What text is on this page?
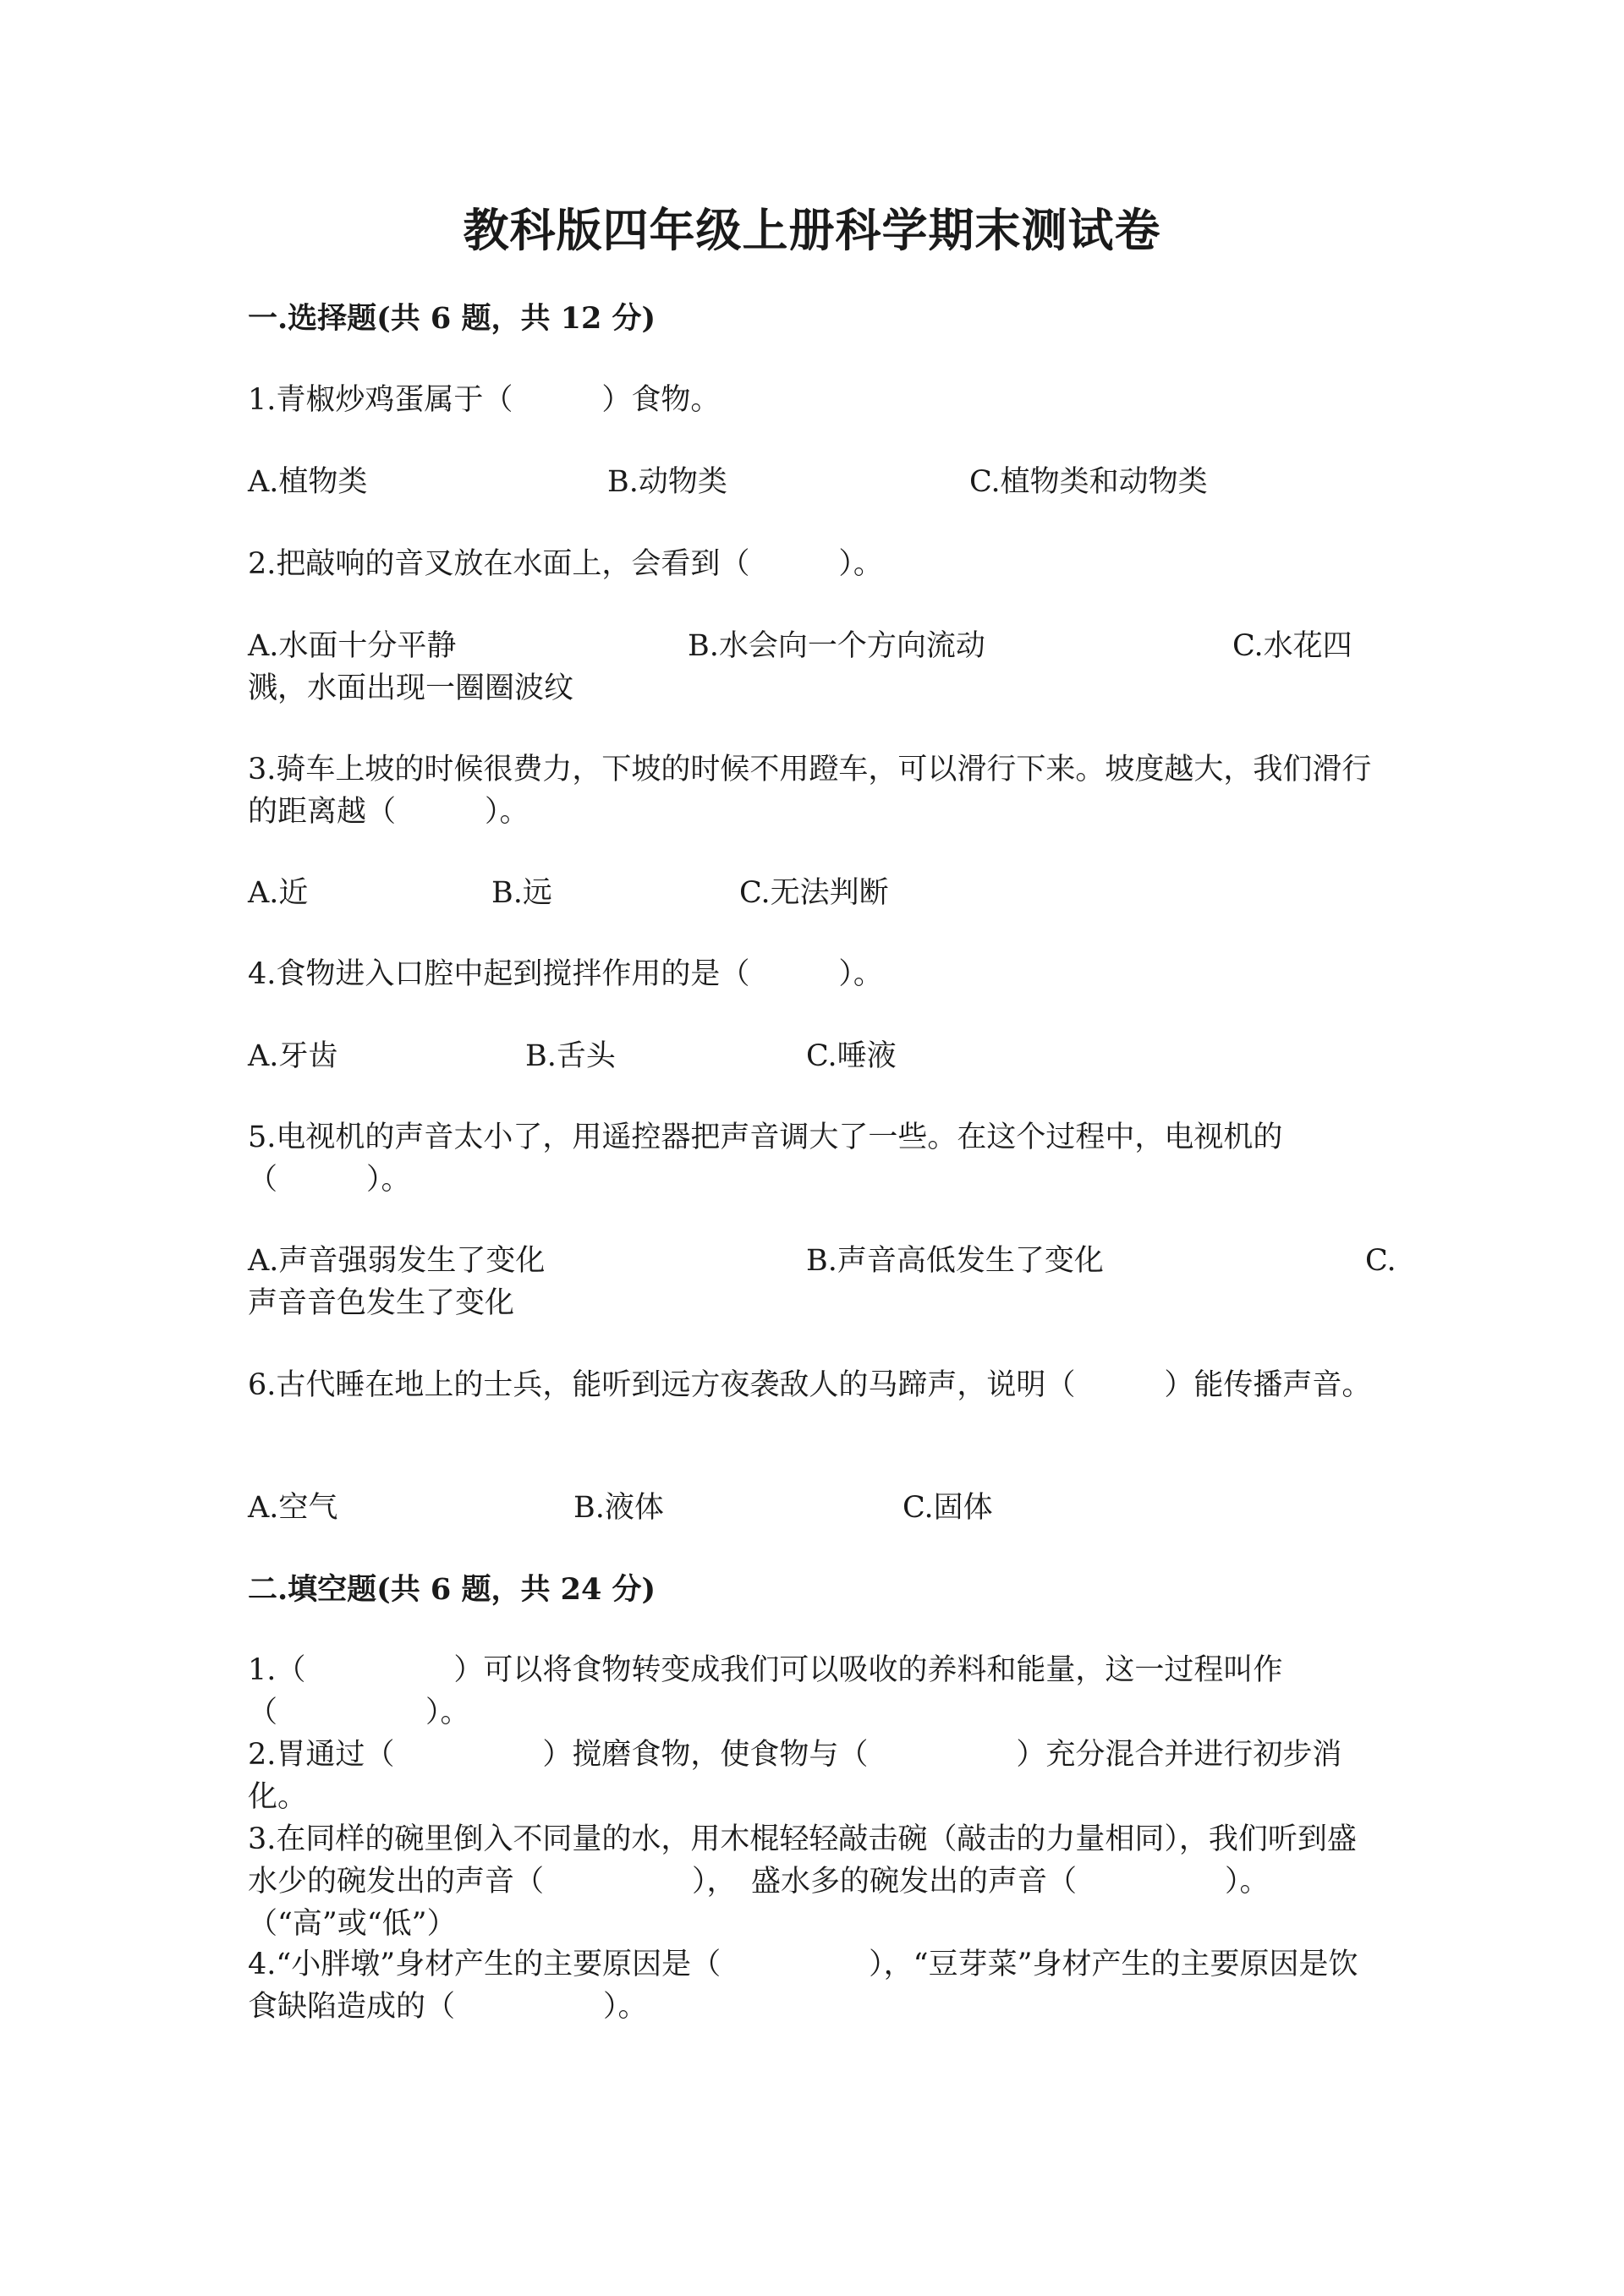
教科版四年级上册科学期末测试卷
一.选择题(共 6 题，共 12 分)
1.青椒炒鸡蛋属于（　　　）食物。
A.植物类	B.动物类	C.植物类和动物类
2.把敲响的音叉放在水面上，会看到（　　　）。
A.水面十分平静	B.水会向一个方向流动	C.水花四
溅，水面出现一圈圈波纹
3.骑车上坡的时候很费力，下坡的时候不用蹬车，可以滑行下来。坡度越大，我们滑行的距离越（　　　）。
A.近	B.远	C.无法判断
4.食物进入口腔中起到搅拌作用的是（　　　）。
A.牙齿	B.舌头	C.唾液
5.电视机的声音太小了，用遥控器把声音调大了一些。在这个过程中，电视机的（　　　）。
A.声音强弱发生了变化	B.声音高低发生了变化	C.
声音音色发生了变化
6.古代睡在地上的士兵，能听到远方夜袭敌人的马蹄声，说明（　　　）能传播声音。
A.空气	B.液体	C.固体
二.填空题(共 6 题，共 24 分)
1.（　　　　　）可以将食物转变成我们可以吸收的养料和能量，这一过程叫作（　　　　　）。
2.胃通过（　　　　　）搅磨食物，使食物与（　　　　　）充分混合并进行初步消化。
3.在同样的碗里倒入不同量的水，用木棍轻轻敲击碗（敲击的力量相同），我们听到盛水少的碗发出的声音（　　　　　），　盛水多的碗发出的声音（　　　　　）。（“高”或“低”）
4.“小胖墩”身材产生的主要原因是（　　　　　），“豆芽菜”身材产生的主要原因是饮食缺陷造成的（　　　　　）。
